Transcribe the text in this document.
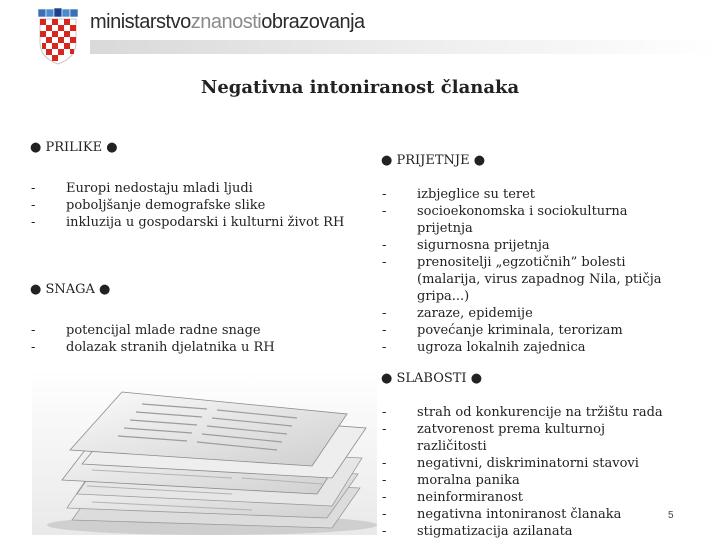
ministarstvoznanostiobrazovanja
Negativna intoniranost članaka
● PRILIKE ●
- Europi nedostaju mladi ljudi
- poboljšanje demografske slike
- inkluzija u gospodarski i kulturni život RH
● SNAGA ●
- potencijal mlade radne snage
- dolazak stranih djelatnika u RH
● PRIJETNJE ●
- izbjeglice su teret
- socioekonomska i sociokulturna prijetnja
- sigurnosna prijetnja
- prenositelji „egzotičnih” bolesti (malarija, virus zapadnog Nila, ptičja gripa...)
- zaraze, epidemije
- povećanje kriminala, terorizam
- ugroza lokalnih zajednica
● SLABOSTI ●
- strah od konkurencije na tržištu rada
- zatvorenost prema kulturnoj različitosti
- negativni, diskriminatorni stavovi
- moralna panika
- neinformiranost
- negativna intoniranost članaka
- stigmatizacija azilanata
5
